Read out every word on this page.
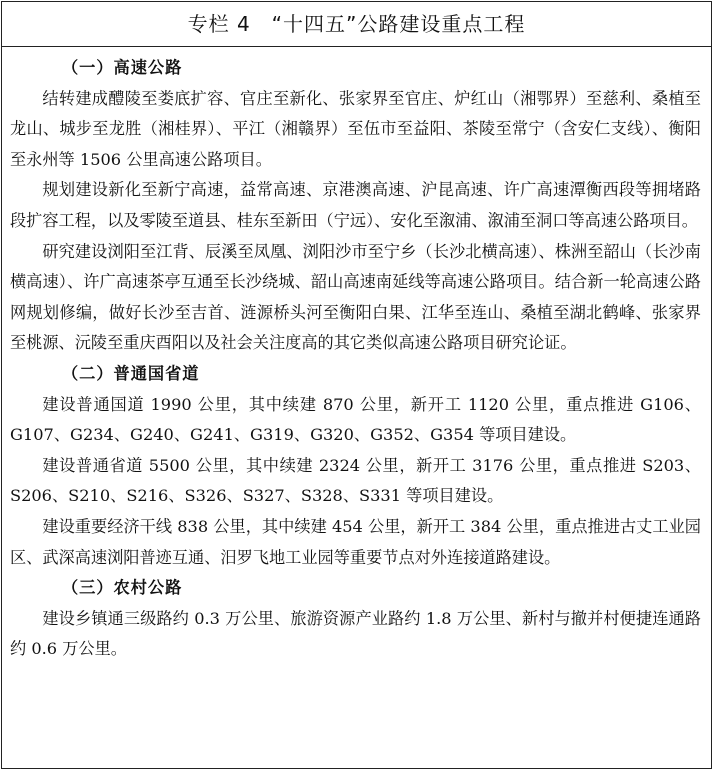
专栏 4　“十四五”公路建设重点工程
（一）高速公路

结转建成醴陵至娄底扩容、官庄至新化、张家界至官庄、炉红山（湘鄂界）至慈利、桑植至龙山、城步至龙胜（湘桂界）、平江（湘赣界）至伍市至益阳、茶陵至常宁（含安仁支线）、衡阳至永州等 1506 公里高速公路项目。

规划建设新化至新宁高速，益常高速、京港澳高速、沪昆高速、许广高速潭衡西段等拥堵路段扩容工程，以及零陵至道县、桂东至新田（宁远）、安化至溆浦、溆浦至洞口等高速公路项目。

研究建设浏阳至江背、辰溪至凤凰、浏阳沙市至宁乡（长沙北横高速）、株洲至韶山（长沙南横高速）、许广高速茶亭互通至长沙绕城、韶山高速南延线等高速公路项目。结合新一轮高速公路网规划修编，做好长沙至吉首、涟源桥头河至衡阳白果、江华至连山、桑植至湖北鹤峰、张家界至桃源、沅陵至重庆酉阳以及社会关注度高的其它类似高速公路项目研究论证。

（二）普通国省道

建设普通国道 1990 公里，其中续建 870 公里，新开工 1120 公里，重点推进 G106、G107、G234、G240、G241、G319、G320、G352、G354 等项目建设。

建设普通省道 5500 公里，其中续建 2324 公里，新开工 3176 公里，重点推进 S203、S206、S210、S216、S326、S327、S328、S331 等项目建设。

建设重要经济干线 838 公里，其中续建 454 公里，新开工 384 公里，重点推进古丈工业园区、武深高速浏阳普迹互通、汨罗飞地工业园等重要节点对外连接道路建设。

（三）农村公路

建设乡镇通三级路约 0.3 万公里、旅游资源产业路约 1.8 万公里、新村与撤并村便捷连通路约 0.6 万公里。
